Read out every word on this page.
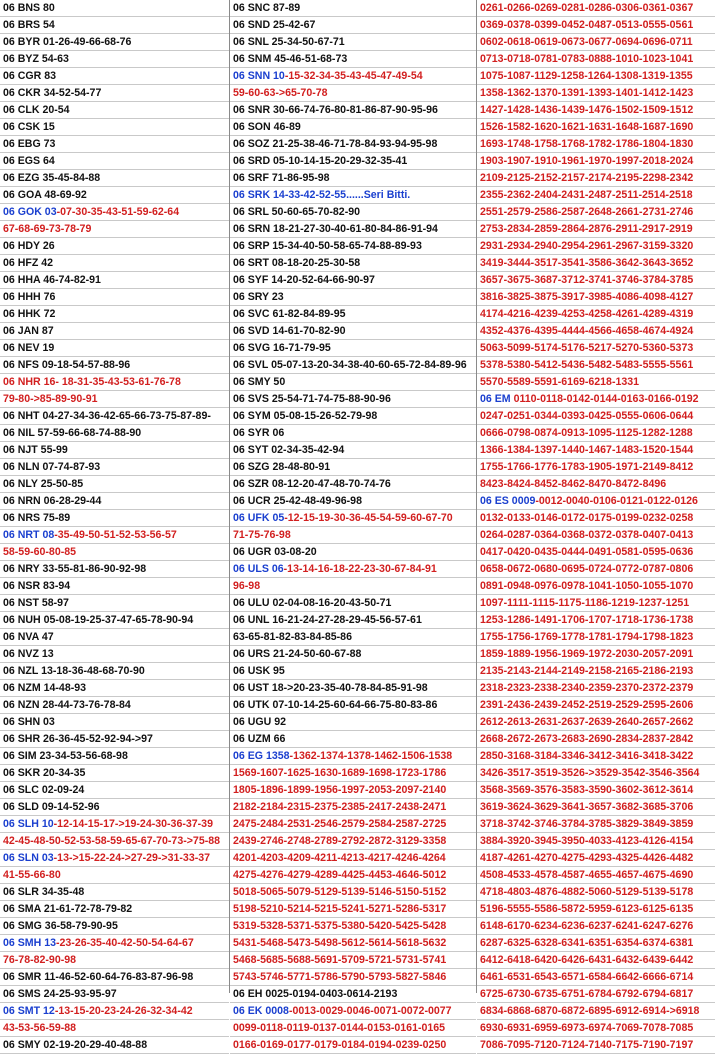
06 BNS 80
06 BRS 54
06 BYR 01-26-49-66-68-76
06 BYZ 54-63
06 CGR 83
06 CKR 34-52-54-77
06 CLK 20-54
06 CSK 15
06 EBG 73
06 EGS 64
06 EZG 35-45-84-88
06 GOA 48-69-92
06 GOK 03-07-30-35-43-51-59-62-64
67-68-69-73-78-79
06 HDY 26
06 HFZ 42
06 HHA 46-74-82-91
06 HHH 76
06 HHK 72
06 JAN 87
06 NEV 19
06 NFS 09-18-54-57-88-96
06 NHR 16- 18-31-35-43-53-61-76-78
79-80->85-89-90-91
06 NHT 04-27-34-36-42-65-66-73-75-87-89-
06 NIL 57-59-66-68-74-88-90
06 NJT 55-99
06 NLN 07-74-87-93
06 NLY 25-50-85
06 NRN 06-28-29-44
06 NRS 75-89
06 NRT 08-35-49-50-51-52-53-56-57
58-59-60-80-85
06 NRY 33-55-81-86-90-92-98
06 NSR 83-94
06 NST 58-97
06 NUH 05-08-19-25-37-47-65-78-90-94
06 NVA 47
06 NVZ 13
06 NZL 13-18-36-48-68-70-90
06 NZM 14-48-93
06 NZN 28-44-73-76-78-84
06 SHN 03
06 SHR 26-36-45-52-92-94->97
06 SIM 23-34-53-56-68-98
06 SKR 20-34-35
06 SLC 02-09-24
06 SLD 09-14-52-96
06 SLH 10-12-14-15-17->19-24-30-36-37-39
42-45-48-50-52-53-58-59-65-67-70-73->75-88
06 SLN 03-13->15-22-24->27-29->31-33-37
41-55-66-80
06 SLR 34-35-48
06 SMA 21-61-72-78-79-82
06 SMG 36-58-79-90-95
06 SMH 13-23-26-35-40-42-50-54-64-67
76-78-82-90-98
06 SMR 11-46-52-60-64-76-83-87-96-98
06 SMS 24-25-93-95-97
06 SMT 12-13-15-20-23-24-26-32-34-42
43-53-56-59-88
06 SMY 02-19-20-29-40-48-88
06 SNC 87-89
06 SND 25-42-67
06 SNL 25-34-50-67-71
06 SNM 45-46-51-68-73
06 SNN 10-15-32-34-35-43-45-47-49-54
59-60-63->65-70-78
06 SNR 30-66-74-76-80-81-86-87-90-95-96
06 SON 46-89
06 SOZ 21-25-38-46-71-78-84-93-94-95-98
06 SRD 05-10-14-15-20-29-32-35-41
06 SRF 71-86-95-98
06 SRK 14-33-42-52-55......Seri Bitti.
06 SRL 50-60-65-70-82-90
06 SRN 18-21-27-30-40-61-80-84-86-91-94
06 SRP 15-34-40-50-58-65-74-88-89-93
06 SRT 08-18-20-25-30-58
06 SYF 14-20-52-64-66-90-97
06 SRY 23
06 SVC 61-82-84-89-95
06 SVD 14-61-70-82-90
06 SVG 16-71-79-95
06 SVL 05-07-13-20-34-38-40-60-65-72-84-89-96
06 SMY 50
06 SVS 25-54-71-74-75-88-90-96
06 SYM 05-08-15-26-52-79-98
06 SYR 06
06 SYT 02-34-35-42-94
06 SZG 28-48-80-91
06 SZR 08-12-20-47-48-70-74-76
06 UCR 25-42-48-49-96-98
06 UFK 05-12-15-19-30-36-45-54-59-60-67-70
71-75-76-98
06 UGR 03-08-20
06 ULS 06-13-14-16-18-22-23-30-67-84-91
96-98
06 ULU 02-04-08-16-20-43-50-71
06 UNL 16-21-24-27-28-29-45-56-57-61
63-65-81-82-83-84-85-86
06 URS 21-24-50-60-67-88
06 USK 95
06 UST 18->20-23-35-40-78-84-85-91-98
06 UTK 07-10-14-25-60-64-66-75-80-83-86
06 UGU 92
06 UZM 66
06 EG 1358-1362-1374-1378-1462-1506-1538
1569-1607-1625-1630-1689-1698-1723-1786
1805-1896-1899-1956-1997-2053-2097-2140
2182-2184-2315-2375-2385-2417-2438-2471
2475-2484-2531-2546-2579-2584-2587-2725
2439-2746-2748-2789-2792-2872-3129-3358
4201-4203-4209-4211-4213-4217-4246-4264
4275-4276-4279-4289-4425-4453-4646-5012
5018-5065-5079-5129-5139-5146-5150-5152
5198-5210-5214-5215-5241-5271-5286-5317
5319-5328-5371-5375-5380-5420-5425-5428
5431-5468-5473-5498-5612-5614-5618-5632
5468-5685-5688-5691-5709-5721-5731-5741
5743-5746-5771-5786-5790-5793-5827-5846
06 EH 0025-0194-0403-0614-2193
06 EK 0008-0013-0029-0046-0071-0072-0077
0099-0118-0119-0137-0144-0153-0161-0165
0166-0169-0177-0179-0184-0194-0239-0250
0261-0266-0269-0281-0286-0306-0361-0367
0369-0378-0399-0452-0487-0513-0555-0561
0602-0618-0619-0673-0677-0694-0696-0711
0713-0718-0781-0783-0888-1010-1023-1041
1075-1087-1129-1258-1264-1308-1319-1355
1358-1362-1370-1391-1393-1401-1412-1423
1427-1428-1436-1439-1476-1502-1509-1512
1526-1582-1620-1621-1631-1648-1687-1690
1693-1748-1758-1768-1782-1786-1804-1830
1903-1907-1910-1961-1970-1997-2018-2024
2109-2125-2152-2157-2174-2195-2298-2342
2355-2362-2404-2431-2487-2511-2514-2518
2551-2579-2586-2587-2648-2661-2731-2746
2753-2834-2859-2864-2876-2911-2917-2919
2931-2934-2940-2954-2961-2967-3159-3320
3419-3444-3517-3541-3586-3642-3643-3652
3657-3675-3687-3712-3741-3746-3784-3785
3816-3825-3875-3917-3985-4086-4098-4127
4174-4216-4239-4253-4258-4261-4289-4319
4352-4376-4395-4444-4566-4658-4674-4924
5063-5099-5174-5176-5217-5270-5360-5373
5378-5380-5412-5436-5482-5483-5555-5561
5570-5589-5591-6169-6218-1331
06 EM 0110-0118-0142-0144-0163-0166-0192
0247-0251-0344-0393-0425-0555-0606-0644
0666-0798-0874-0913-1095-1125-1282-1288
1366-1384-1397-1440-1467-1483-1520-1544
1755-1766-1776-1783-1905-1971-2149-8412
8423-8424-8452-8462-8470-8472-8496
06 ES 0009-0012-0040-0106-0121-0122-0126
0132-0133-0146-0172-0175-0199-0232-0258
0264-0287-0364-0368-0372-0378-0407-0413
0417-0420-0435-0444-0491-0581-0595-0636
0658-0672-0680-0695-0724-0772-0787-0806
0891-0948-0976-0978-1041-1050-1055-1070
1097-1111-1115-1175-1186-1219-1237-1251
1253-1286-1491-1706-1707-1718-1736-1738
1755-1756-1769-1778-1781-1794-1798-1823
1859-1889-1956-1969-1972-2030-2057-2091
2135-2143-2144-2149-2158-2165-2186-2193
2318-2323-2338-2340-2359-2370-2372-2379
2391-2436-2439-2452-2519-2529-2595-2606
2612-2613-2631-2637-2639-2640-2657-2662
2668-2672-2673-2683-2690-2834-2837-2842
2850-3168-3184-3346-3412-3416-3418-3422
3426-3517-3519-3526->3529-3542-3546-3564
3568-3569-3576-3583-3590-3602-3612-3614
3619-3624-3629-3641-3657-3682-3685-3706
3718-3742-3746-3784-3785-3829-3849-3859
3884-3920-3945-3950-4033-4123-4126-4154
4187-4261-4270-4275-4293-4325-4426-4482
4508-4533-4578-4587-4655-4657-4675-4690
4718-4803-4876-4882-5060-5129-5139-5178
5196-5555-5586-5872-5959-6123-6125-6135
6148-6170-6234-6236-6237-6241-6247-6276
6287-6325-6328-6341-6351-6354-6374-6381
6412-6418-6420-6426-6431-6432-6439-6442
6461-6531-6543-6571-6584-6642-6666-6714
6725-6730-6735-6751-6784-6792-6794-6817
6834-6868-6870-6872-6895-6912-6914->6918
6930-6931-6959-6973-6974-7069-7078-7085
7086-7095-7120-7124-7140-7175-7190-7197
